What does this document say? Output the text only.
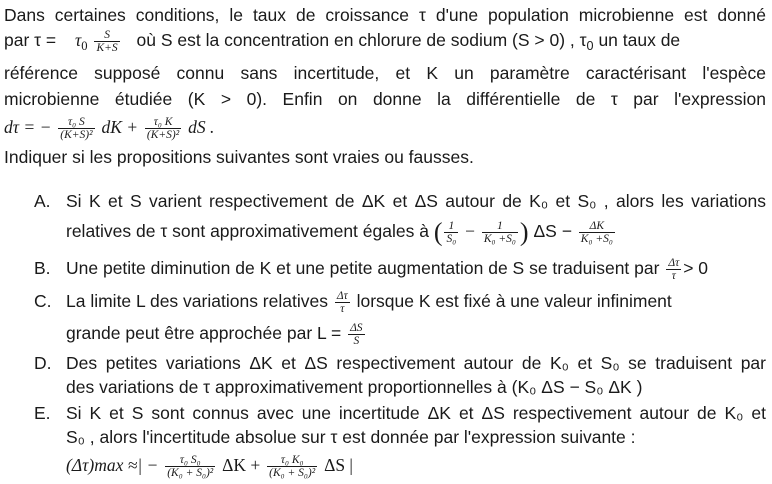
Dans certaines conditions, le taux de croissance τ d'une population microbienne est donné
par $\tau = \tau_0 \frac{S}{K+S}$ où S est la concentration en chlorure de sodium (S > 0) , $\tau_0$ un taux de
référence supposé connu sans incertitude, et K un paramètre caractérisant l'espèce
microbienne étudiée (K > 0). Enfin on donne la différentielle de τ par l'expression
dτ = − $\frac{\text{τ₀ S}}{\text{(K+S)²}}$ dK + $\frac{\text{τ₀ K}}{\text{(K+S)²}}$ dS .
Indiquer si les propositions suivantes sont vraies ou fausses.
A. Si K et S varient respectivement de ΔK et ΔS autour de K₀ et S₀ , alors les variations
relatives de τ sont approximativement égales à ( $\frac{1}{\text{S₀}} - \frac{1}{\text{K₀ +S₀}}$ ) $\Delta S - \frac{\Delta K}{\text{K₀ +S₀}}$
B. Une petite diminution de K et une petite augmentation de S se traduisent par $\frac{\Delta\tau}{\tau} > 0$
C. La limite L des variations relatives $\frac{\Delta\tau}{\tau}$ lorsque K est fixé à une valeur infiniment
grande peut être approchée par $L = \frac{\Delta S}{S}$
D. Des petites variations ΔK et ΔS respectivement autour de K₀ et S₀ se traduisent par
des variations de τ approximativement proportionnelles à (K₀ ΔS − S₀ ΔK )
E. Si K et S sont connus avec une incertitude ΔK et ΔS respectivement autour de K₀ et
S₀ , alors l'incertitude absolue sur τ est donnée par l'expression suivante :
(Δτ)max ≈| − $\frac{\text{τ₀ S₀}}{\text{(K₀ + S₀)²}}$ $\Delta K + \frac{\text{τ₀ K₀}}{\text{(K₀ + S₀)²}}$ ΔS |
